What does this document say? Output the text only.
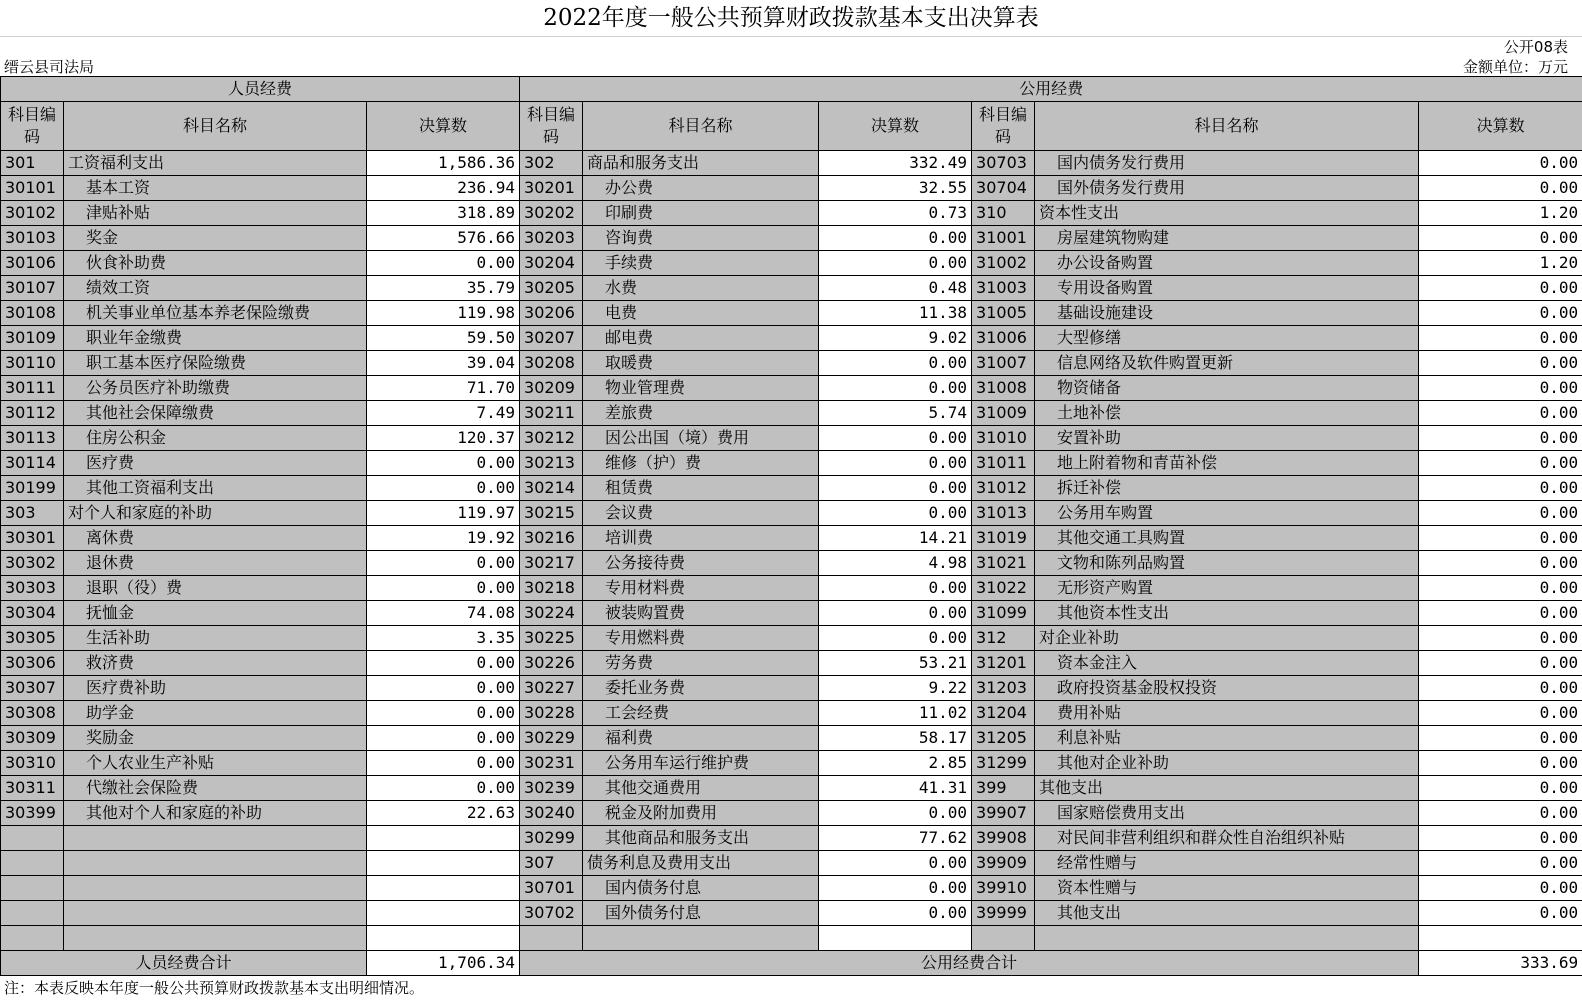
2022年度一般公共预算财政拨款基本支出决算表
公开08表
缙云县司法局	金额单位：万元
人员经费			公用经费					
科目编码	科目名称	决算数	科目编码	科目名称	决算数	科目编码	科目名称	决算数
301	工资福利支出	1,586.36	302	商品和服务支出	332.49	30703	国内债务发行费用	0.00
30101	基本工资	236.94	30201	办公费	32.55	30704	国外债务发行费用	0.00
30102	津贴补贴	318.89	30202	印刷费	0.73	310	资本性支出	1.20
30103	奖金	576.66	30203	咨询费	0.00	31001	房屋建筑物购建	0.00
30106	伙食补助费	0.00	30204	手续费	0.00	31002	办公设备购置	1.20
30107	绩效工资	35.79	30205	水费	0.48	31003	专用设备购置	0.00
30108	机关事业单位基本养老保险缴费	119.98	30206	电费	11.38	31005	基础设施建设	0.00
30109	职业年金缴费	59.50	30207	邮电费	9.02	31006	大型修缮	0.00
30110	职工基本医疗保险缴费	39.04	30208	取暖费	0.00	31007	信息网络及软件购置更新	0.00
30111	公务员医疗补助缴费	71.70	30209	物业管理费	0.00	31008	物资储备	0.00
30112	其他社会保障缴费	7.49	30211	差旅费	5.74	31009	土地补偿	0.00
30113	住房公积金	120.37	30212	因公出国（境）费用	0.00	31010	安置补助	0.00
30114	医疗费	0.00	30213	维修（护）费	0.00	31011	地上附着物和青苗补偿	0.00
30199	其他工资福利支出	0.00	30214	租赁费	0.00	31012	拆迁补偿	0.00
303	对个人和家庭的补助	119.97	30215	会议费	0.00	31013	公务用车购置	0.00
30301	离休费	19.92	30216	培训费	14.21	31019	其他交通工具购置	0.00
30302	退休费	0.00	30217	公务接待费	4.98	31021	文物和陈列品购置	0.00
30303	退职（役）费	0.00	30218	专用材料费	0.00	31022	无形资产购置	0.00
30304	抚恤金	74.08	30224	被装购置费	0.00	31099	其他资本性支出	0.00
30305	生活补助	3.35	30225	专用燃料费	0.00	312	对企业补助	0.00
30306	救济费	0.00	30226	劳务费	53.21	31201	资本金注入	0.00
30307	医疗费补助	0.00	30227	委托业务费	9.22	31203	政府投资基金股权投资	0.00
30308	助学金	0.00	30228	工会经费	11.02	31204	费用补贴	0.00
30309	奖励金	0.00	30229	福利费	58.17	31205	利息补贴	0.00
30310	个人农业生产补贴	0.00	30231	公务用车运行维护费	2.85	31299	其他对企业补助	0.00
30311	代缴社会保险费	0.00	30239	其他交通费用	41.31	399	其他支出	0.00
30399	其他对个人和家庭的补助	22.63	30240	税金及附加费用	0.00	39907	国家赔偿费用支出	0.00
			30299	其他商品和服务支出	77.62	39908	对民间非营利组织和群众性自治组织补贴	0.00
			307	债务利息及费用支出	0.00	39909	经常性赠与	0.00
			30701	国内债务付息	0.00	39910	资本性赠与	0.00
			30702	国外债务付息	0.00	39999	其他支出	0.00

人员经费合计		1,706.34	公用经费合计					333.69
注：本表反映本年度一般公共预算财政拨款基本支出明细情况。
